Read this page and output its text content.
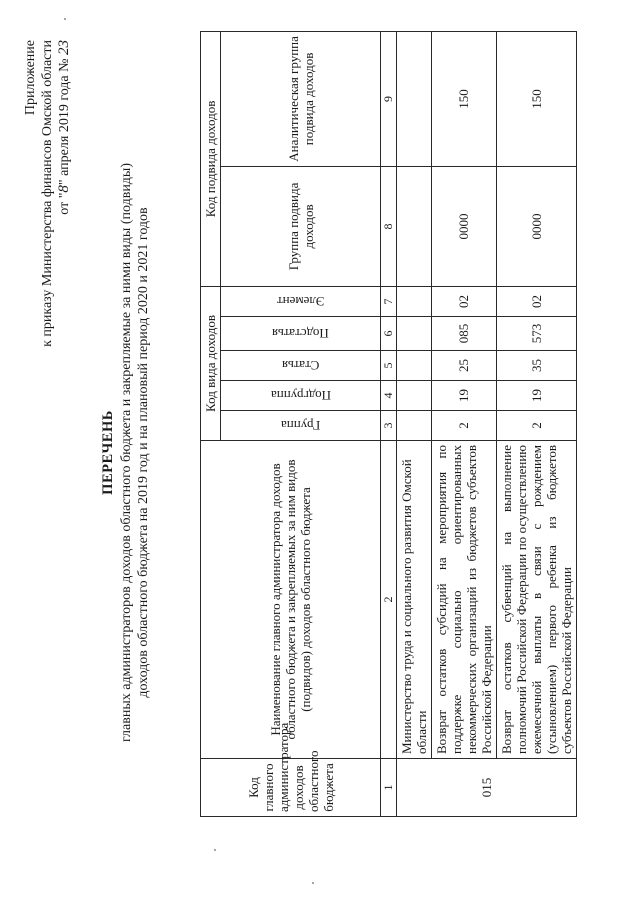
Приложение к приказу Министерства финансов Омской области от "8" апреля 2019 года № 23
ПЕРЕЧЕНЬ главных администраторов доходов областного бюджета и закрепляемые за ними виды (подвиды) доходов областного бюджета на 2019 год и на плановый период 2020 и 2021 годов
Код главного администратора доходов областного бюджета	Наименование главного администратора доходов областного бюджета и закрепляемых за ним видов (подвидов) доходов областного бюджета	Код вида доходов					Код подвида доходов	

		Группа	Подгруппа	Статья	Подстатья	Элемент	Группа подвида доходов	Аналитическая группа подвида доходов
1	2	3	4	5	6	7	8	9
015	Министерство труда и социального развития Омской области							
	Возврат остатков субсидий на мероприятия по поддержке социально ориентированных некоммерческих организаций из бюджетов субъектов Российской Федерации	2	19	25	085	02	0000	150
	Возврат остатков субвенций на выполнение полномочий Российской Федерации по осуществлению ежемесячной выплаты в связи с рождением (усыновлением) первого ребенка из бюджетов субъектов Российской Федерации	2	19	35	573	02	0000	150
